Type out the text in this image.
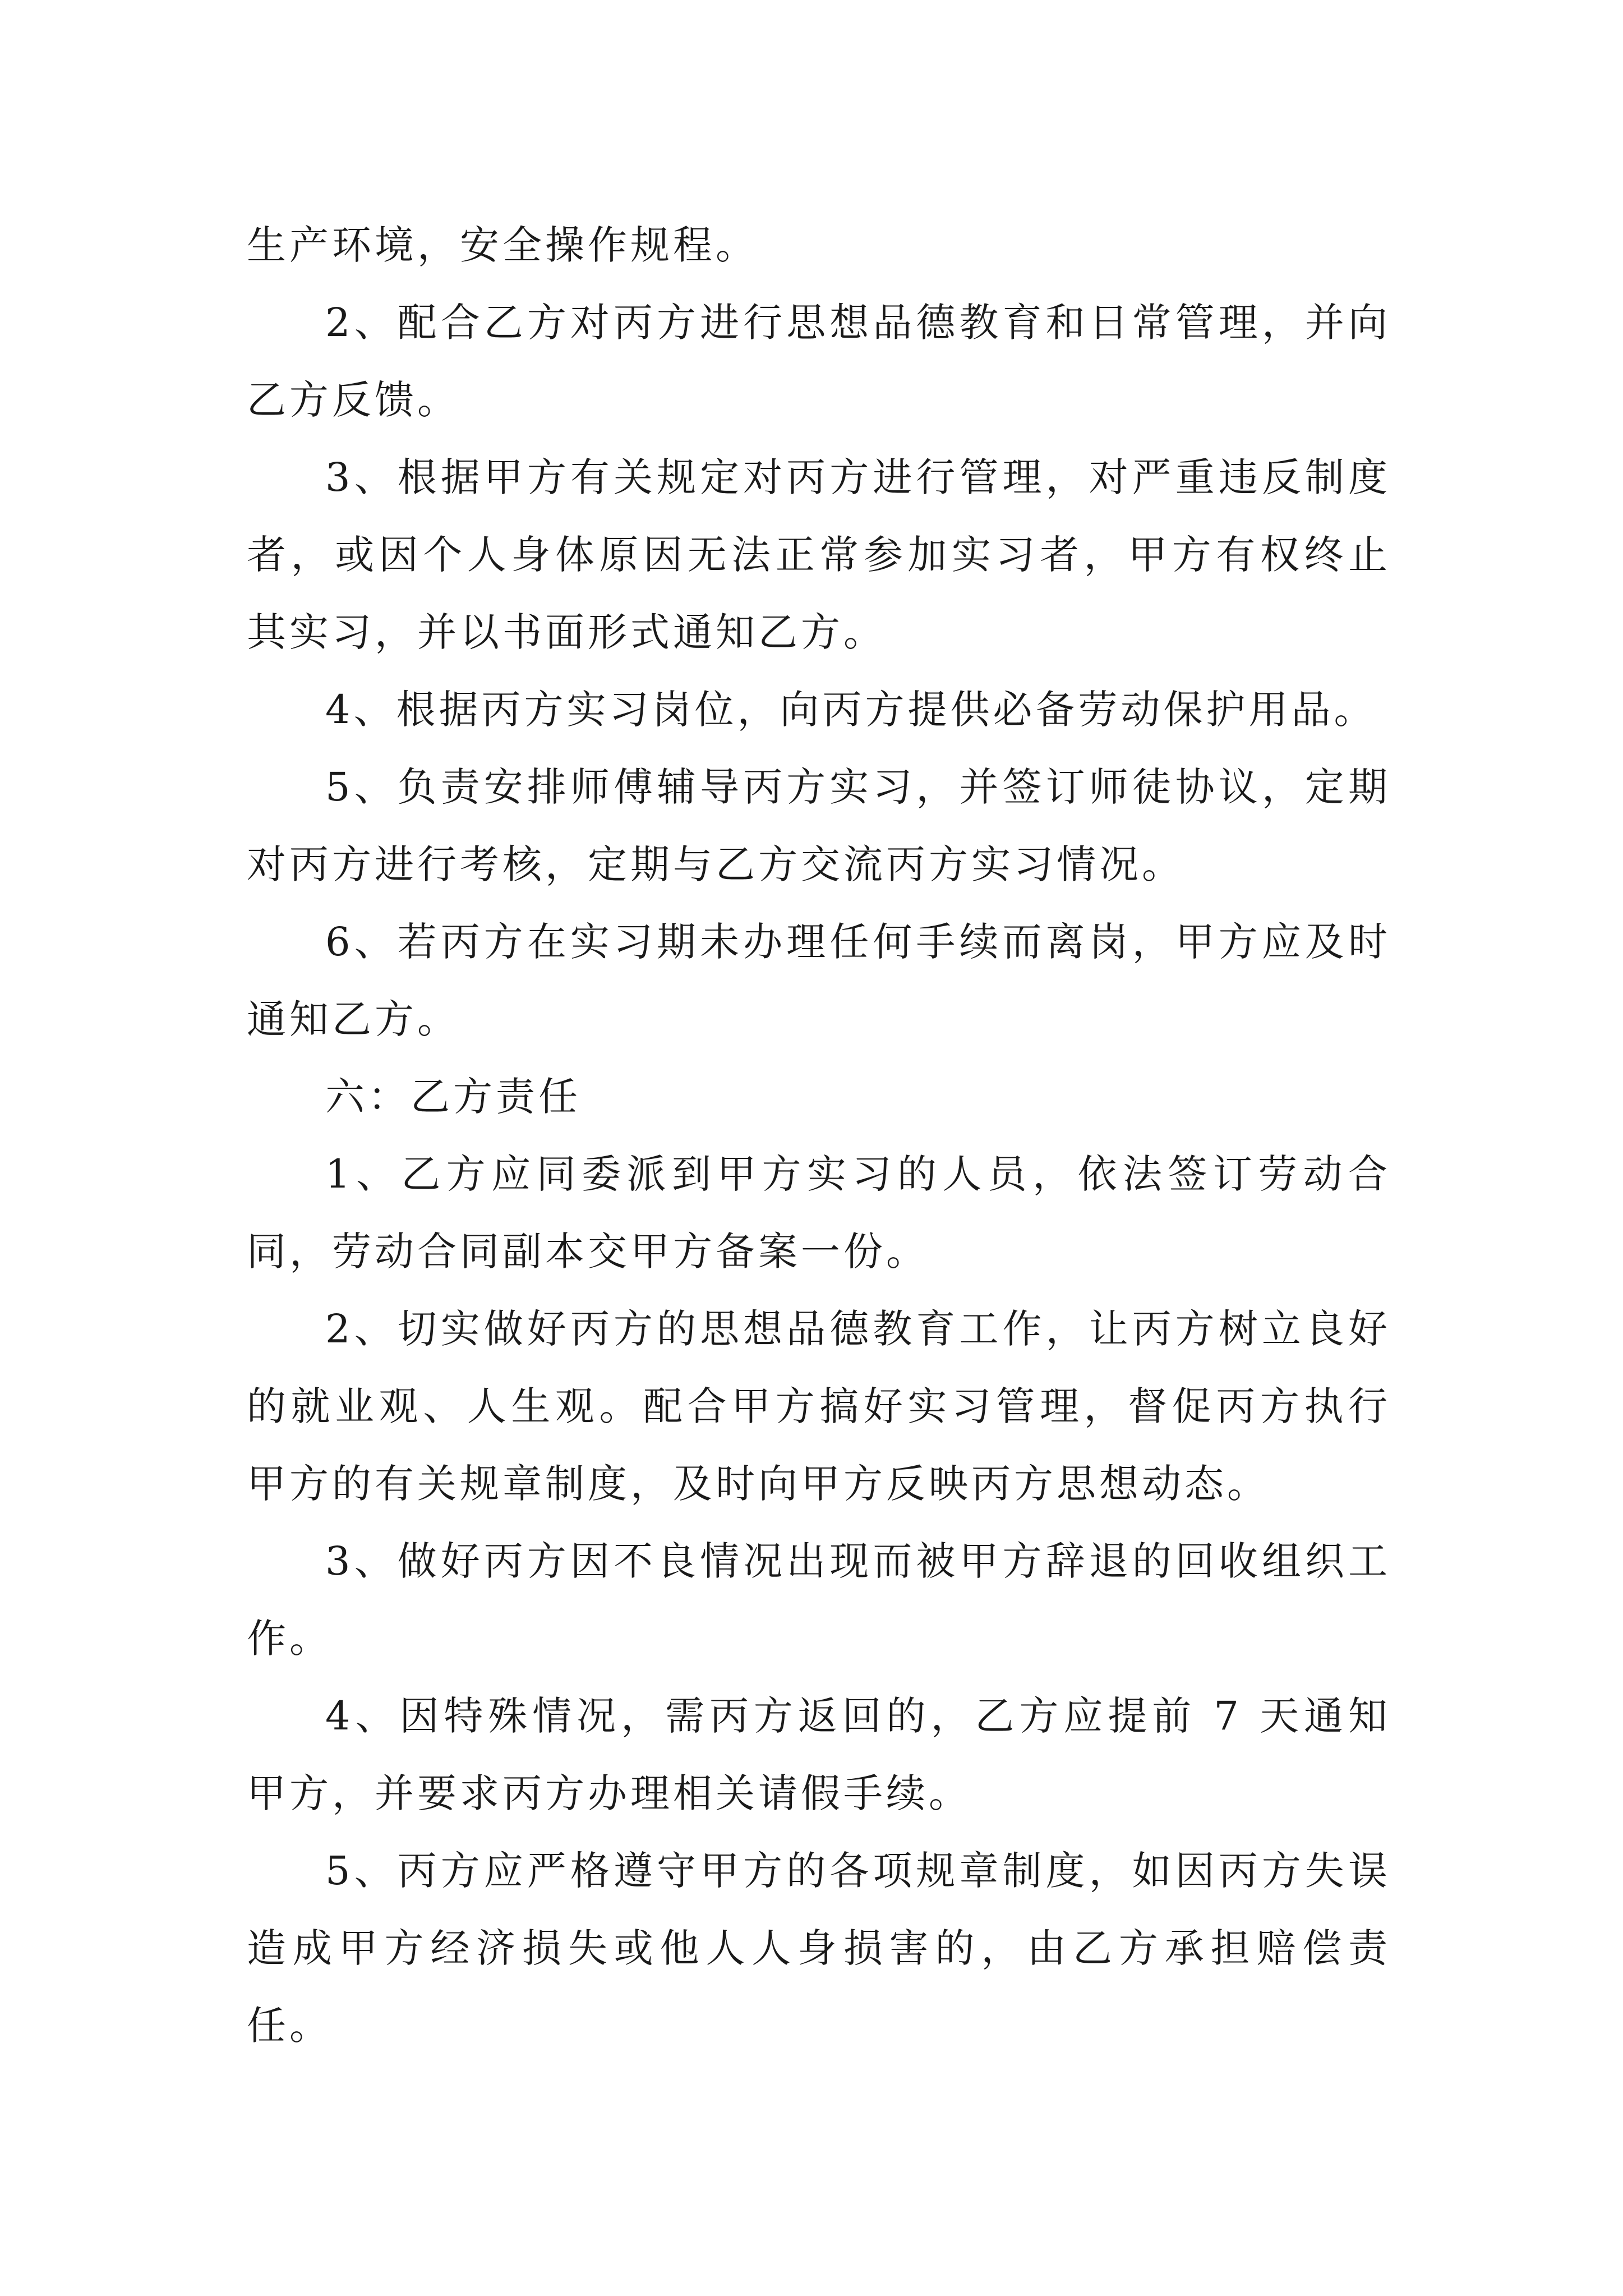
生产环境，安全操作规程。

2、配合乙方对丙方进行思想品德教育和日常管理，并向乙方反馈。

3、根据甲方有关规定对丙方进行管理，对严重违反制度者，或因个人身体原因无法正常参加实习者，甲方有权终止其实习，并以书面形式通知乙方。

4、根据丙方实习岗位，向丙方提供必备劳动保护用品。

5、负责安排师傅辅导丙方实习，并签订师徒协议，定期对丙方进行考核，定期与乙方交流丙方实习情况。

6、若丙方在实习期未办理任何手续而离岗，甲方应及时通知乙方。

六：乙方责任

1、乙方应同委派到甲方实习的人员，依法签订劳动合同，劳动合同副本交甲方备案一份。

2、切实做好丙方的思想品德教育工作，让丙方树立良好的就业观、人生观。配合甲方搞好实习管理，督促丙方执行甲方的有关规章制度，及时向甲方反映丙方思想动态。

3、做好丙方因不良情况出现而被甲方辞退的回收组织工作。

4、因特殊情况，需丙方返回的，乙方应提前 7 天通知甲方，并要求丙方办理相关请假手续。

5、丙方应严格遵守甲方的各项规章制度，如因丙方失误造成甲方经济损失或他人人身损害的，由乙方承担赔偿责任。
